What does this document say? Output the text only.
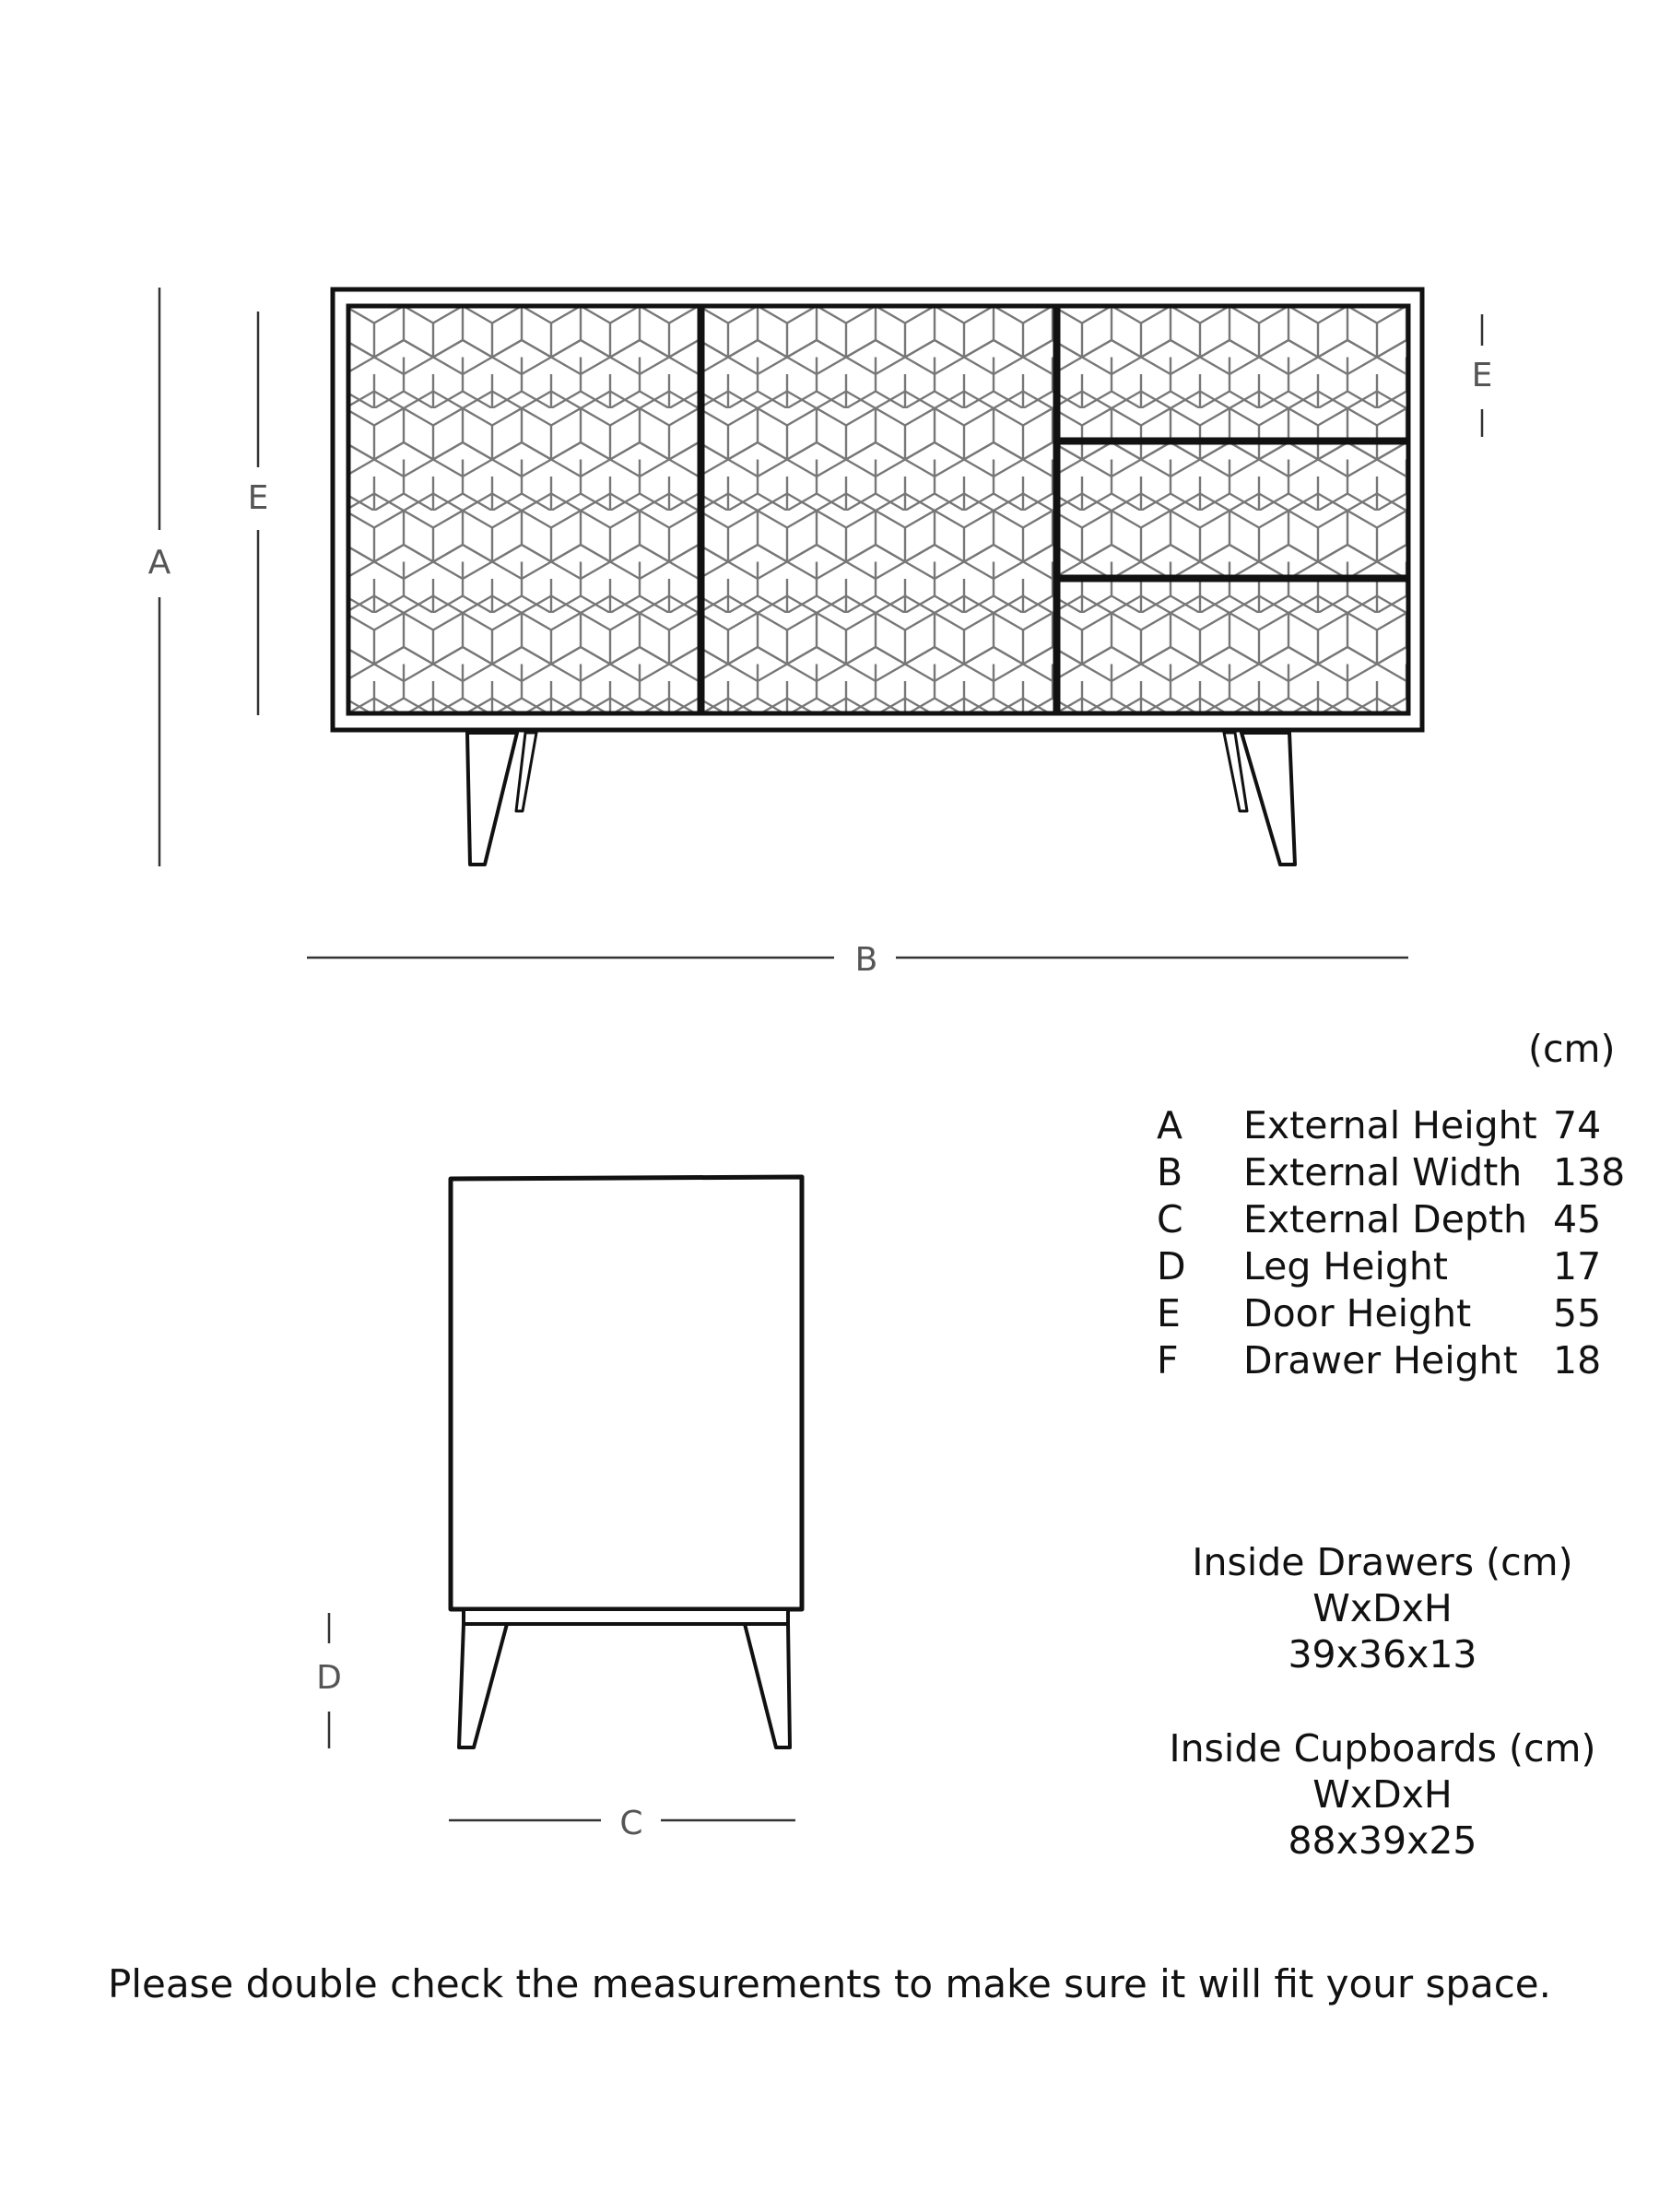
A
E
E
B
D
C
(cm)
A	External Height	74
B	External Width	138
C	External Depth	45
D	Leg Height	17
E	Door Height	55
F	Drawer Height	18
Inside Drawers (cm)
WxDxH
39x36x13
Inside Cupboards (cm)
WxDxH
88x39x25
Please double check the measurements to make sure it will fit your space.
